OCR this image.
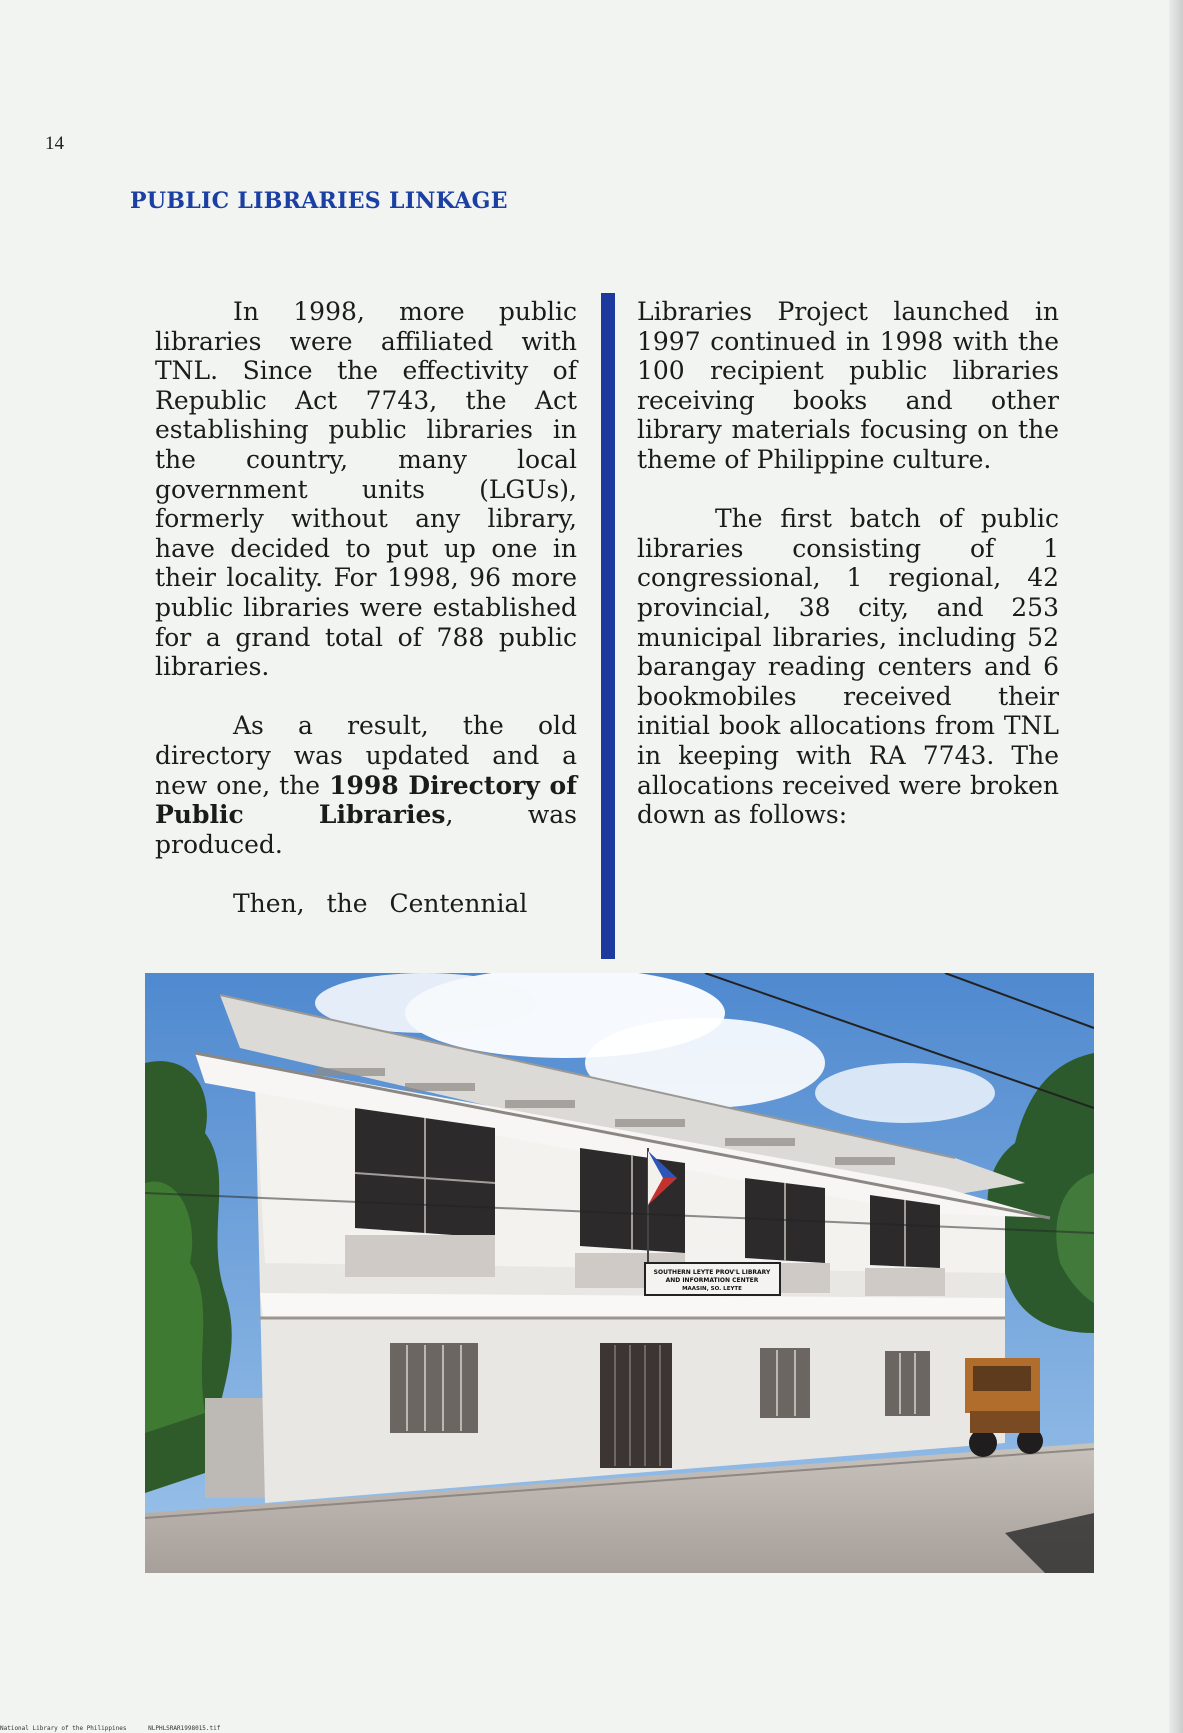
14
PUBLIC LIBRARIES LINKAGE

In 1998, more public libraries were affiliated with TNL. Since the effectivity of Republic Act 7743, the Act establishing public libraries in the country, many local government units (LGUs), formerly without any library, have decided to put up one in their locality. For 1998, 96 more public libraries were established for a grand total of 788 public libraries.

As a result, the old directory was updated and a new one, the 1998 Directory of Public Libraries, was produced.

Then, the Centennial

Libraries Project launched in 1997 continued in 1998 with the 100 recipient public libraries receiving books and other library materials focusing on the theme of Philippine culture.

The first batch of public libraries consisting of 1 congressional, 1 regional, 42 provincial, 38 city, and 253 municipal libraries, including 52 barangay reading centers and 6 bookmobiles received their initial book allocations from TNL in keeping with RA 7743. The allocations received were broken down as follows:

SOUTHERN LEYTE PROV'L LIBRARY
AND INFORMATION CENTER
MAASIN, SO. LEYTE
National Library of the Philippines	NLPHLSRAR1998015.tif
